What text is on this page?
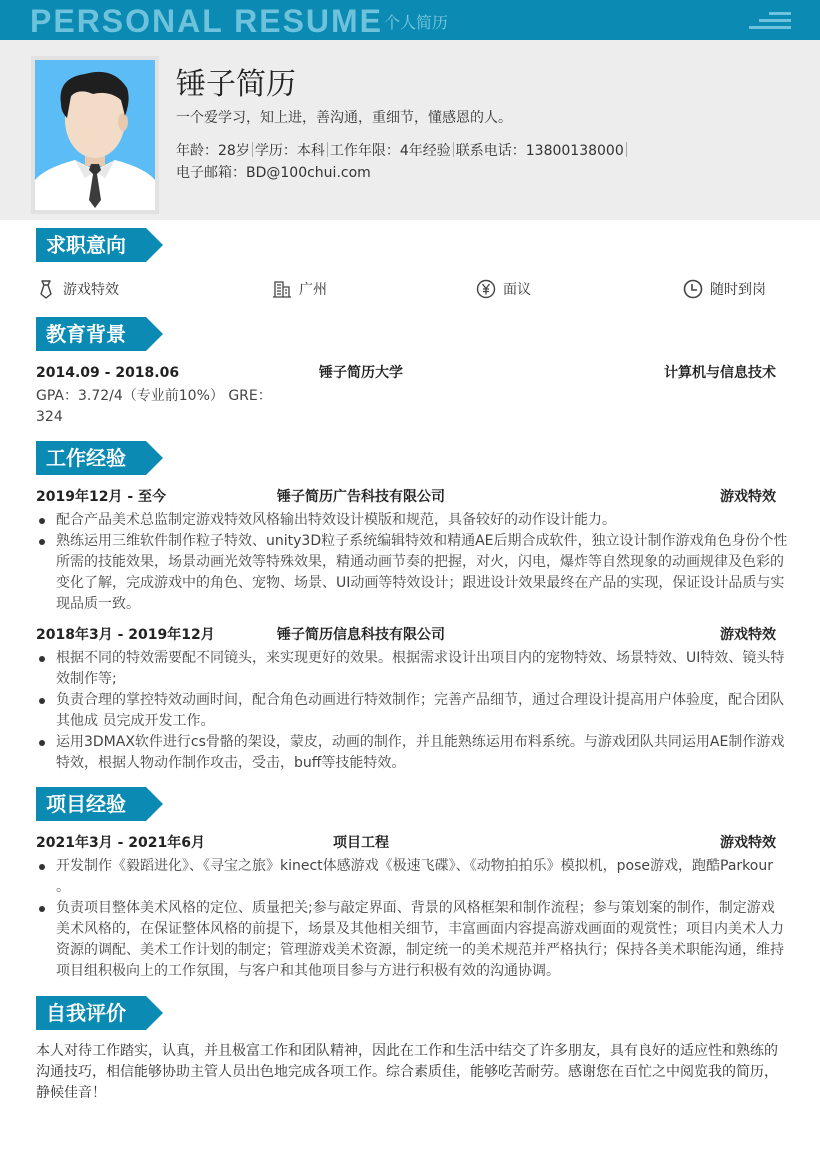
PERSONAL RESUME 个人简历
锤子简历
一个爱学习，知上进，善沟通，重细节，懂感恩的人。
年龄：28岁 学历：本科 工作年限：4年经验 联系电话：13800138000
电子邮箱：BD@100chui.com
求职意向
游戏特效	广州	面议	随时到岗
教育背景
2014.09 - 2018.06	锤子简历大学	计算机与信息技术
GPA：3.72/4（专业前10%） GRE：324
工作经验
2019年12月 - 至今	锤子简历广告科技有限公司	游戏特效
配合产品美术总监制定游戏特效风格输出特效设计模版和规范，具备较好的动作设计能力。
熟练运用三维软件制作粒子特效、unity3D粒子系统编辑特效和精通AE后期合成软件，独立设计制作游戏角色身份个性所需的技能效果，场景动画光效等特殊效果，精通动画节奏的把握，对火，闪电，爆炸等自然现象的动画规律及色彩的变化了解，完成游戏中的角色、宠物、场景、UI动画等特效设计；跟进设计效果最终在产品的实现，保证设计品质与实现品质一致。
2018年3月 - 2019年12月	锤子简历信息科技有限公司	游戏特效
根据不同的特效需要配不同镜头，来实现更好的效果。根据需求设计出项目内的宠物特效、场景特效、UI特效、镜头特效制作等;
负责合理的掌控特效动画时间，配合角色动画进行特效制作；完善产品细节，通过合理设计提高用户体验度，配合团队其他成 员完成开发工作。
运用3DMAX软件进行cs骨骼的架设，蒙皮，动画的制作，并且能熟练运用布料系统。与游戏团队共同运用AE制作游戏特效，根据人物动作制作攻击，受击，buff等技能特效。
项目经验
2021年3月 - 2021年6月	项目工程	游戏特效
开发制作《毅蹈进化》、《寻宝之旅》kinect体感游戏《极速飞碟》、《动物拍拍乐》模拟机，pose游戏，跑酷Parkour 。
负责项目整体美术风格的定位、质量把关;参与敲定界面、背景的风格框架和制作流程；参与策划案的制作，制定游戏美术风格的，在保证整体风格的前提下，场景及其他相关细节，丰富画面内容提高游戏画面的观赏性；项目内美术人力资源的调配、美术工作计划的制定；管理游戏美术资源，制定统一的美术规范并严格执行；保持各美术职能沟通，维持项目组积极向上的工作氛围，与客户和其他项目参与方进行积极有效的沟通协调。
自我评价
本人对待工作踏实，认真，并且极富工作和团队精神，因此在工作和生活中结交了许多朋友，具有良好的适应性和熟练的沟通技巧，相信能够协助主管人员出色地完成各项工作。综合素质佳，能够吃苦耐劳。感谢您在百忙之中阅览我的简历，静候佳音！
